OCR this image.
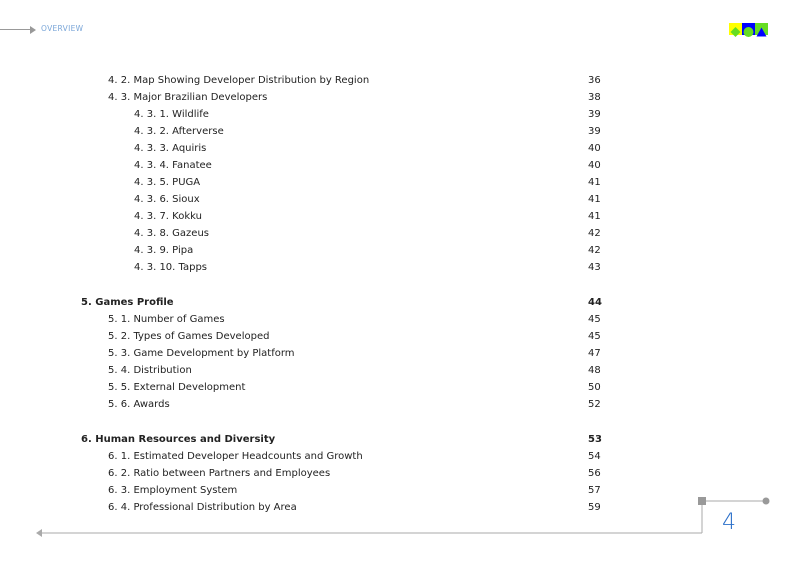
OVERVIEW
4. 2. Map Showing Developer Distribution by Region	36
4. 3. Major Brazilian Developers	38
4. 3. 1. Wildlife	39
4. 3. 2. Afterverse	39
4. 3. 3. Aquiris	40
4. 3. 4. Fanatee	40
4. 3. 5. PUGA	41
4. 3. 6. Sioux	41
4. 3. 7. Kokku	41
4. 3. 8. Gazeus	42
4. 3. 9. Pipa	42
4. 3. 10. Tapps	43
5. Games Profile	44
5. 1. Number of Games	45
5. 2. Types of Games Developed	45
5. 3. Game Development by Platform	47
5. 4. Distribution	48
5. 5. External Development	50
5. 6. Awards	52
6. Human Resources and Diversity	53
6. 1. Estimated Developer Headcounts and Growth	54
6. 2. Ratio between Partners and Employees	56
6. 3. Employment System	57
6. 4. Professional Distribution by Area	59
4
